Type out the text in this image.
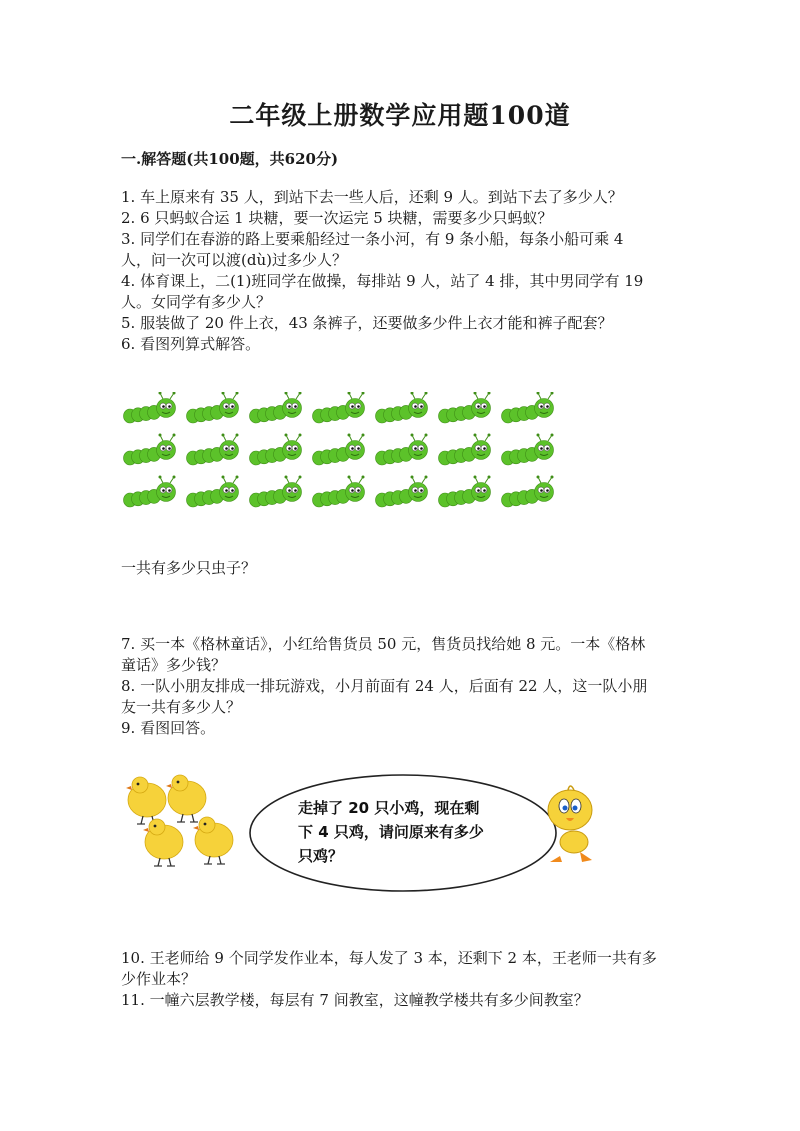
二年级上册数学应用题100道
一.解答题(共100题，共620分)
1. 车上原来有 35 人，到站下去一些人后，还剩 9 人。到站下去了多少人？
2. 6 只蚂蚁合运 1 块糖，要一次运完 5 块糖，需要多少只蚂蚁？
3. 同学们在春游的路上要乘船经过一条小河，有 9 条小船，每条小船可乘 4
人，问一次可以渡(dù)过多少人？
4. 体育课上，二(1)班同学在做操，每排站 9 人，站了 4 排，其中男同学有 19
人。女同学有多少人？
5. 服装做了 20 件上衣，43 条裤子，还要做多少件上衣才能和裤子配套？
6. 看图列算式解答。
一共有多少只虫子？
7. 买一本《格林童话》，小红给售货员 50 元，售货员找给她 8 元。一本《格林
童话》多少钱？
8. 一队小朋友排成一排玩游戏，小月前面有 24 人，后面有 22 人，这一队小朋
友一共有多少人？
9. 看图回答。
走掉了 20 只小鸡，现在剩
下 4 只鸡，请问原来有多少
只鸡？
10. 王老师给 9 个同学发作业本，每人发了 3 本，还剩下 2 本，王老师一共有多
少作业本？
11. 一幢六层教学楼，每层有 7 间教室，这幢教学楼共有多少间教室？
